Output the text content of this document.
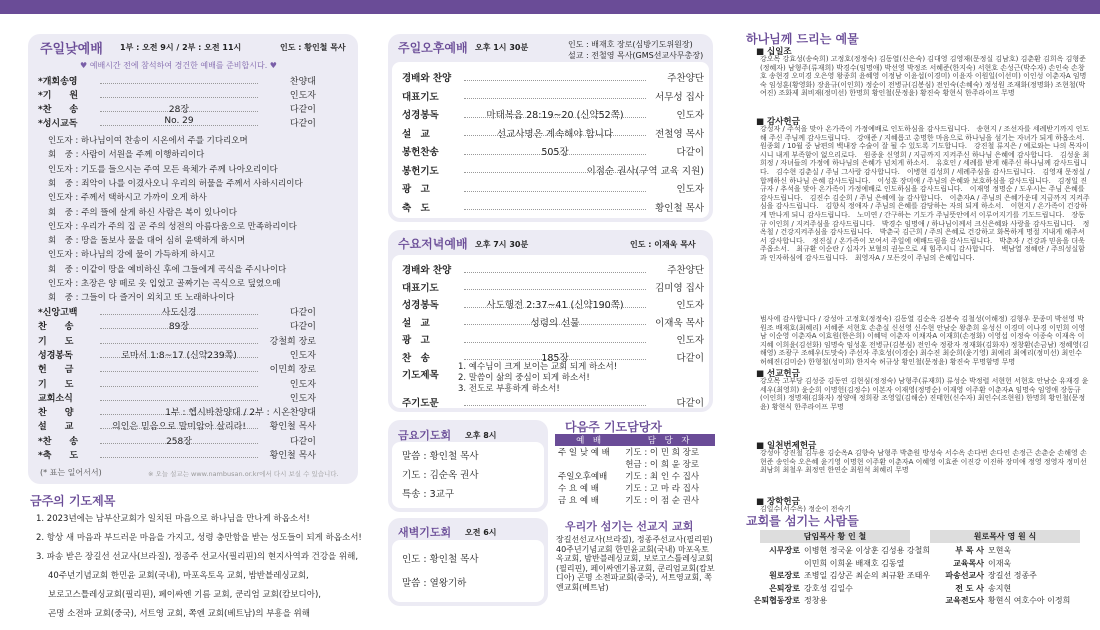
주일낮예배 1부 : 오전 9시 / 2부 : 오전 11시	인도 : 황인철 목사
♥ 예배시간 전에 참석하여 경건한 예배를 준비합시다. ♥
*개회송영	찬양대
*기　　원	인도자
*찬　　송	28장	다같이
*성시교독	No. 29	다같이
인도자 : 하나님이여 찬송이 시온에서 주를 기다리오며
회　중 : 사람이 서원을 주께 이행하리이다
인도자 : 기도를 들으시는 주여 모든 육체가 주께 나아오리이다
회　중 : 죄악이 나를 이겼사오니 우리의 허물을 주께서 사하시리이다
인도자 : 주께서 택하시고 가까이 오게 하사
회　중 : 주의 뜰에 살게 하신 사람은 복이 있나이다
인도자 : 우리가 주의 집 곧 주의 성전의 아름다움으로 만족하리이다
회　중 : 땅을 돌보사 물을 대어 심히 윤택하게 하시며
인도자 : 하나님의 강에 물이 가득하게 하시고
회　중 : 이같이 땅을 예비하신 후에 그들에게 곡식을 주시나이다
인도자 : 초장은 양 떼로 옷 입었고 골짜기는 곡식으로 덮였으매
회　중 : 그들이 다 즐거이 외치고 또 노래하나이다
*신앙고백	사도신경	다같이
찬　　송	89장	다같이
기　　도	강철희 장로
성경봉독	로마서 1:8~17 (신약239쪽)	인도자
헌　　금	이민희 장로
기　　도	인도자
교회소식	인도자
찬　　양	1부 : 헵시바찬양대 / 2부 : 시온찬양대
설　　교	의인은 믿음으로 말미암아 살리라!	황인철 목사
*찬　　송	258장	다같이
*축　　도	황인철 목사
(* 표는 일어서서)	※ 오늘 설교는 www.nambusan.or.kr에서 다시 보실 수 있습니다.
금주의 기도제목
1. 2023년에는 남부산교회가 일치된 마음으로 하나님을 만나게 하옵소서!
2. 항상 새 마음과 부드러운 마음을 가지고, 성령 충만함을 받는 성도들이 되게 하옵소서!
3. 파송 받은 장길선 선교사(브라질), 정종주 선교사(필리핀)의 현지사역과 건강을 위해,
40주년기념교회 한민윤 교회(국내), 마포옥토옥 교회, 밤반블레싱교회,
보로고스틀레싱교회(필리핀), 페이싸엔 기름 교회, 쿤리엄 교회(캄보디아),
곤명 소전파 교회(중국), 서트영 교회, 쪽엔 교회(베트남)의 부흥을 위해
주일오후예배 오후 1시 30분	인도 : 배재호 장로(심방기도위원장)
설교 : 전철영 목사(GMS선교사무총장)
경배와 찬양	주찬양단
대표기도	서무성 집사
성경봉독	마태복음 28:19~20 (신약52쪽)	인도자
설　교	선교사명은 계속해야 합니다	전철영 목사
봉헌찬송	505장	다같이
봉헌기도	이점순 권사(구역 교육 지원)
광　고	인도자
축　도	황인철 목사
수요저녁예배 오후 7시 30분	인도 : 이재욱 목사
경배와 찬양	주찬양단
대표기도	김미영 집사
성경봉독	사도행전 2:37~41 (신약190쪽)	인도자
설　교	성령의 선물	이재욱 목사
광　고	인도자
찬　송	185장	다같이
기도제목
1. 예수님이 크게 보이는 교회 되게 하소서!
2. 말씀이 삶의 중심이 되게 하소서!
3. 전도로 부흥하게 하소서!
주기도문	다같이
금요기도회 오후 8시
말씀 : 황인철 목사
기도 : 김순옥 권사
특송 : 3교구
다음주 기도담당자
예　배	담　당　자
주 일 낮 예 배	기도 : 이 민 희 장로
	헌금 : 이 희 윤 장로
주일오후예배	기도 : 최 인 수 집사
수 요 예 배	기도 : 고 마 라 집사
금 요 예 배	기도 : 이 점 순 권사
새벽기도회 오전 6시
인도 : 황인철 목사
말씀 : 열왕기하
우리가 섬기는 선교지 교회
장길선선교사(브라질), 정종주선교사(필리핀) 40주년기념교회 한민윤교회(국내) 마포옥토옥교회, 밤반블레싱교회, 보로고스틀레싱교회(필리핀), 페이싸엔기름교회, 쿤리엄교회(캄보디아) 곤명 소전파교회(중국), 서트영교회, 쪽엔교회(베트남)
하나님께 드리는 예물
■ 십일조
강오목 강효성(송숙희) 고정호(정정숙) 김동열(신은숙) 김대영 김영재(문정실 김남호) 김춘환 김희옥 김형준(정혜자) 남형주(류재희) 박경수(임명애) 박선영 박정조 서혜준(한지숙) 서현호 손성근(박수자) 손인숙 손창호 송현경 오미경 오은영 왕종희 윤혜영 이정남 이윤섭(이경미) 이윤자 이원일(이선미) 이인성 이춘자A 임명숙 임성훈(황영화) 장윤규(이인희) 정순이 전병규(김봉심) 전인숙(손혜숙) 정성원 조재화(정명화) 조현철(박여진) 조화제 최비재(정미선) 한명희 황인철(문정윤) 황진숙 황현식 한주라이프 무명
■ 감사헌금
강성자 / 주석을 맞아 온가족이 가정예배로 인도하심을 감사드립니다.　송현지 / 조선자를 세례받기까지 인도해 주신 주님께 감사드립니다.　강애준 / 지혜롭고 총명한 마음으로 하나님을 섬기는 자녀가 되게 하옵소서.　원종회 / 10월 중 남편의 백내장 수술이 잘 될 수 있도록 기도합니다.　강진철 류지은 / 예로와는 나의 목자이시니 내게 부족함이 없으리로다.　원종윤 신영희 / 지금까지 지켜주신 하나님 은혜에 감사합니다.　김성윤 최희정 / 자녀들의 가정에 하나님의 은혜가 넘치게 하소서.　유호인 / 세례를 받게 해주신 하나님께 감사드립니다.　김수현 김춘실 / 주님 그사랑 감사합니다.　이병현 김성희 / 세례주심을 감사드립니다.　김영재 문정실 / 합께하신 하나님 은혜 감사드립니다.　이성훈 장미애 / 주님의 은혜와 보호하심을 감사드립니다.　김정일 진규자 / 추석을 맞아 온가족이 가정예배로 인도하심을 감사드립니다.　이재영 정명순 / 도우시는 주님 은혜를 감사드립니다.　김진수 김순희 / 주님 은혜에 늘 감사합니다.　이춘자A / 주님의 은혜가운데 지금까지 지켜주심을 감사드립니다.　김향식 정애자 / 주님의 은혜를 감당하는 자의 되게 하소서.　이현지 / 온가족이 건강하게 만나게 되니 감사드립니다.　노미연 / 간구하는 기도가 주님뜻안에서 이루어지기를 기도드립니다.　장동규 이인희 / 지켜주심을 감사드립니다.　박경수 임명애 / 하나님이께서 크신은혜와 사랑을 감사드립니다.　정옥철 / 건강지켜주심을 감사드립니다.　박춘국 김근희 / 주의 은혜로 건강하고 화목하게 명절 지내게 해주셔서 감사합니다.　정진실 / 온가족이 모여서 주일에 예배드림을 감사드립니다.　박춘자 / 건강과 믿음을 더욱 주옵소서.　최규환 이순란 / 십자가 보혈의 권능으로 새 힘주시니 감사합니다.　백남열 정혜란 / 주의성실함과 인자하심에 감사드립니다.　최영자A / 모든것이 주님의 은혜입니다.
범사에 감사합니다 / 강성아 고정호(정정숙) 김동열 김순옥 김봉숙 김철성(이해정) 김형우 문종미 박선영 박원조 배재호(최혜리) 서혜준 서현호 손춘실 신선영 신수현 안남순 왕춘희 유성신 이경미 이나경 이민희 이영남 이순영 이춘자A 이효원(한은희) 이혜덕 이춘자 이채자A 이재희(손정화) 이영섭 이정숙 이종숙 이재옥 이지혜 이희윤(김선화) 임명숙 임성훈 전병규(김봉심) 전인숙 정광자 정재화(김화자) 정창환(손금남) 정혜영(김해영) 조광구 조혜우(도맛숙) 주선자 주호성(이경순) 최수진 최순희(윤기영) 최예리 최예리(정미선) 최인수 허혜진(김미순) 한형철(성미희) 한지숙 허규상 황인철(문정윤) 황진숙 무명함명 무명
■ 선교헌금
강오목 고부당 김성중 김동연 김현심(정정숙) 남형주(류재희) 류성순 박정렬 서현헌 서현호 안남순 유재경 윤세우(최영희) 윤순희 이명헌(김정수) 이본자 이재영(정명순) 이재영 이주환 이춘자A 임명숙 임영애 장동규(이인희) 정명재(김화자) 정양애 정희광 조영일(김해순) 진태헌(신수자) 최인수(조현원) 한명희 황인철(문정윤) 황현식 한주라이프 무명
■ 일천번제헌금
강성아 강진철 김두용 김순옥A 김향숙 남형주 박춘원 방성숙 서수옥 손다번 손다인 손정근 손춘순 손해영 손현준 송인숙 오은혜 윤기영 이명현 이주환 이춘자A 이혜영 이효준 이진강 이진하 장미애 정영 정영자 정미선 최남희 최철우 최정연 한연순 최원석 최혜리 무명
■ 장학헌금
김일수(서수옥) 정순이 전숙기
교회를 섬기는 사람들
담임목사 황 인 철	원로목사 영 원 식
시무장로 이병현 정국윤 이상훈 김성용 강철희	부 목 사 모현욱
이민희 이희윤 배재호 김동열	교육목사 이재욱
원로장로 조병일 김상곤 최순의 최규환 조태우	파송선교사 장길선 정종주
은퇴장로 강호성 김일수	전 도 사 송지현
은퇴협동장로 정창용	교육전도사 황현식 여호수아 이정희
